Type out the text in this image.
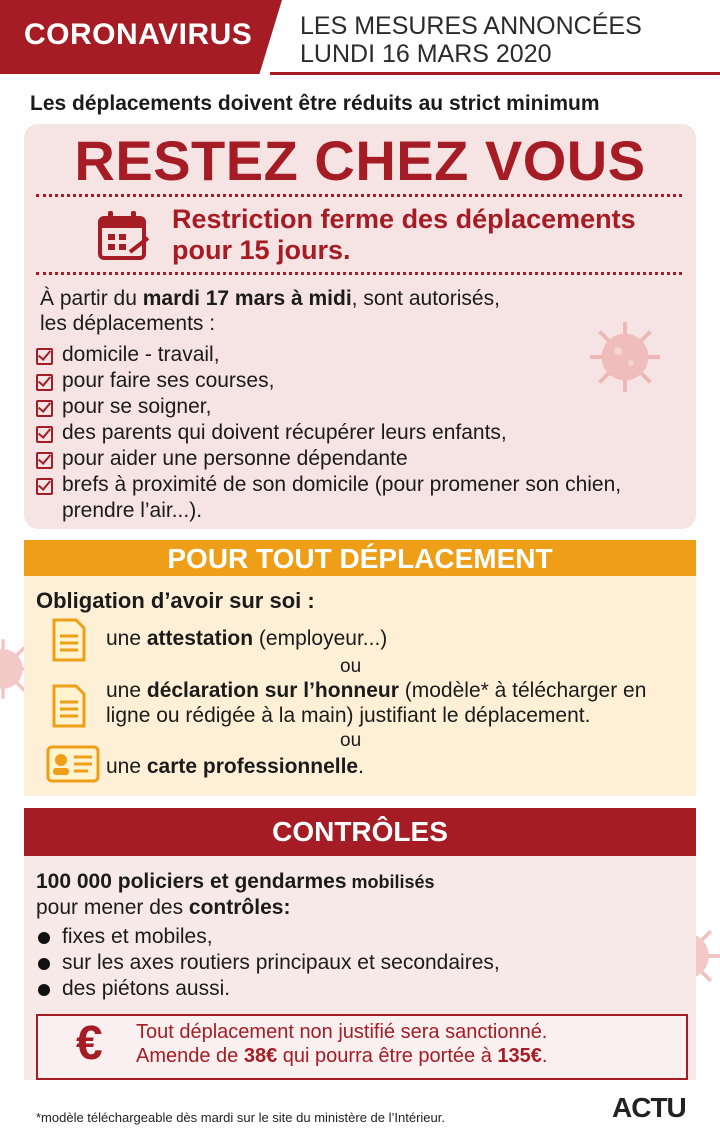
CORONAVIRUS LES MESURES ANNONCÉES
LUNDI 16 MARS 2020
Les déplacements doivent être réduits au strict minimum
RESTEZ CHEZ VOUS
Restriction ferme des déplacements
pour 15 jours.
À partir du mardi 17 mars à midi, sont autorisés,
les déplacements :
domicile - travail,
pour faire ses courses,
pour se soigner,
des parents qui doivent récupérer leurs enfants,
pour aider une personne dépendante
brefs à proximité de son domicile (pour promener son chien, prendre l’air...).
POUR TOUT DÉPLACEMENT
Obligation d’avoir sur soi :
une attestation (employeur...)
ou
une déclaration sur l’honneur (modèle* à télécharger en ligne ou rédigée à la main) justifiant le déplacement.
ou
une carte professionnelle.
CONTRÔLES
100 000 policiers et gendarmes mobilisés
pour mener des contrôles:
fixes et mobiles,
sur les axes routiers principaux et secondaires,
des piétons aussi.
€ Tout déplacement non justifié sera sanctionné.
Amende de 38€ qui pourra être portée à 135€.
*modèle téléchargeable dès mardi sur le site du ministère de l’Intérieur.	ACTU
